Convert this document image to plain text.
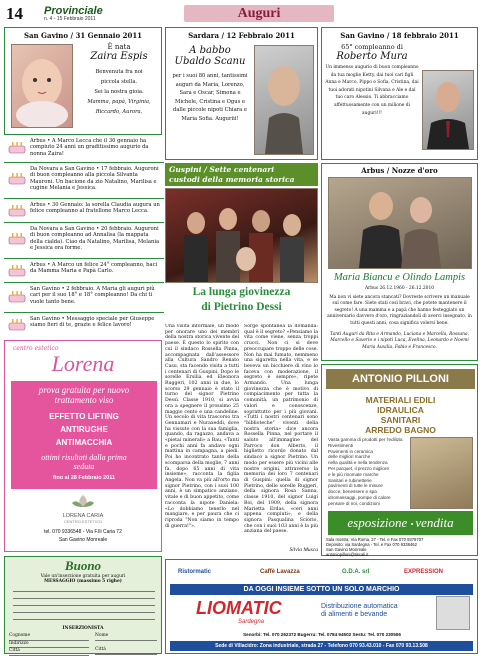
14 Provinciale
n. 4 - 15 Febbraio 2011	Auguri
San Gavino / 31 Gennaio 2011
È nata
Zaira Espis
Benvenuta fra noi
piccola stella.
Sei la nostra gioia.
Mamma, papà, Virginia,
Riccardo, Aurora.
Sardara / 12 Febbraio 2011
A babbo
Ubaldo Scanu
per i suoi 80 anni, tantissimi auguri da Maria, Lorenzo, Sara e Oscar, Simona e Michele, Cristina e Ogus e dalle piccole nipoti Chiara e Maria Sofia. Auguriii!
San Gavino / 18 febbraio 2011
65° compleanno di
Roberto Mura
Un immenso augurio di buon compleanno da tua moglie Ketty, dai tuoi cari figli Anna e Marco, Pippo e Sofia, Cristina, dai tuoi adorati nipotini Silvana e Ale e dal tuo caro Alessio. Ti abbracciamo affettuosamente con un milione di auguri!!!
Arbus • A Marco Lecca che il 30 gennaio ha compiuto 24 anni un graditissimo augurio da nonna Zaira!
Da Novara a San Gavino • 17 febbraio. Auguroni di buon compleanno alla piccola Silvanta Mauroni. Un bacione da zio Natalino, Marilisa e cugine Melania e Jessica.
Arbus • 30 Gennaio: la sorella Claudia augura un felice compleanno al fratellone Marco Lecca.
Da Novara a San Gavino • 20 febbraio. Auguroni di buon compleanno ad Annalisa (la mappata della cialda). Ciao da Natalino, Marilisa, Melania e Jessica ora forme.
Arbus • A Marco un felice 24° compleanno, baci da Mamma Maria e Papà Carlo.
San Gavino • 2 febbraio. A Maria gli auguri più cari per il suo 18° e 18° compleanno! Da chi ti vuole tanto bene.
San Gavino • Messaggio speciale per Giuseppe siamo fieri di te, grazie e felice lavoro!
centro estetico
Lorena
prova gratuita per nuovo trattamento viso
EFFETTO LIFTING
ANTIRUGHE
ANTIMACCHIA
ottimi risultati dalla prima seduta
fino al 28 Febbraio 2011
LORENA CARIA
CENTRO ESTETICO
tel. 070 9336548 - Via F.lli Caria 72
San Gavino Monreale
Buono
Vale un'inserzione gratuita per auguri
MESSAGGIO (massimo 5 righe)
INSERZIONISTA
Cognome
Indirizzo
Città
Nome
Città
Guspini / Sette centenari
custodi della memoria storica
La lunga giovinezza
di Pietrino Dessi
Una visita informale, un modo per onorare uno dei membri della nostra storica vivente del paese. È questo lo spirito con cui il sindaco Rossella Pinna, accompagnata dall'assessore alla Cultura Sandro Renato Casu, sta facendo visita a tutti i centenari di Guspini. Dopo le sorelle Ersilia ed Eleonora Ruggeri, 102 anni in due, lo scorso 29 gennaio è stato il turno del signor Pietrino Dessì. Classe 1910, si avvia ora a spegnere il prossimo 25 maggio cento e una candeline. Un secolo di vita trascorso tra Gennamari e Nuraxeddi, dove ha vissuto con la sua famiglia, quando, da ragazzo, andava a «pietai minerali» a Bau. «Tanti e pochi anni fa andavo ogni mattina in campagna, a piedi. Poi ho incontrato tanto della scomparsa della moglie, 7 anni fa, dopo 65 anni di vita insieme», racconta la figlia Angela. Non va più all'orto ma signor Pietrino, con i suoi 100 anni, è un simpatico anziano, vitale e di buon appetito, come racconta la nipote Daniela: «Lo dobbiamo tenerlo nel mangiare, e per paura che ci riproda "Non siamo in tempo di guerra!"».
Sorge spontanea la domanda: qual è il segreto? «Pensiamo la vita come viene, senza troppi crucci. Non ci si deve preoccupare troppo delle cose. Non ha mai fumato, nemmeno una sigaretta nella vita, e se beveva un bicchiere di vino lo faceva con moderazione, il segreto è sempre», ripete Armando. Una lunga giovinezza che è motivo di compiacimento per tutta la comunità, un patrimonio di valori e conoscenze, soprattutto per i più giovani. «Tutti i nostri centenari sono "biblioteche" viventi della nostra storia» dice ancora Rossella Pinna, nel portare il saluto all'immagine del Parroco don Alberto, il biglietto ricordo donato dal sindaco a signor Pietrino. Un modo per essere più vicini alle nostre origini, attraverso la memoria dei loro 7 centenari di Guspini: quella di signor Pietrino, delle sorelle Ruggeri, della signora Rosa Sanna, classe 1910, del signor Luigi Boi, del 1909, della signora Marietta Erdas, «ceri anni appena compiuti», e della signora Pasqualina Sciorio, che con i suoi 103 anni è la più anziana del paese.
Silvia Musca
Arbus / Nozze d'oro
Maria Biancu e Olindo Lampis
Arbus 26.12.1960 - 26.12.2010
Ma non vi siete ancora stancati? Dovreste scrivere un manuale sul come fare. Siete stati così bravi, che potete mantenere il segreto! A una mamma e a papà che hanno festeggiato un anniversario davvero d'oro, ringraziandoli di averci insegnato, in tutti questi anni, cosa significa volersi bene.
Tanti Auguri da Rita e Armando, Luciana e Marcella, Rossana, Marcello e Saverio e i nipoti Luca, Evelina, Leonardo e Noemi Maria Auxilia, Fabio e Francesco.
ANTONIO PILLONI
MATERIALI EDILI
IDRAULICA
SANITARI
ARREDO BAGNO
Vasta gamma di prodotti per l'edilizia
Rivestimenti
Pavimenti in ceramica
delle migliori marche
nella qualità e nella tendenza
Per parquet, il prezzo migliore
e le più rinomate marche
Sanitari e rubinetterie
pavimenti di tutte le misure
docce, benessere e spa
idromassaggi, pompe di calore
pensare di noi, condizioni
esposizione • vendita
Sala mostra: Via Roma, 27 - Tel. e Fax 070 9379707
Deposito: via Sardegna - Tel. e Fax 070 9338462
San Gavino Monreale
antoniopilloni@tiscali.it
Ristormatic	Caffè Lavazza	G.D.A. srl	EXPRESSION
DA OGGI INSIEME SOTTO UN SOLO MARCHIO
LIOMATIC
Sardegna
Distribuzione automatica
di alimenti e bevande
Senorbì: Tel. 070 262372 Bugerru: Tel. 0784 94502 Sestu: Tel. 070 230506
Sede di Villacidro: Zona industriale, strada 27 - Telefono 070 93.43.010 - Fax 070 93.13.508
